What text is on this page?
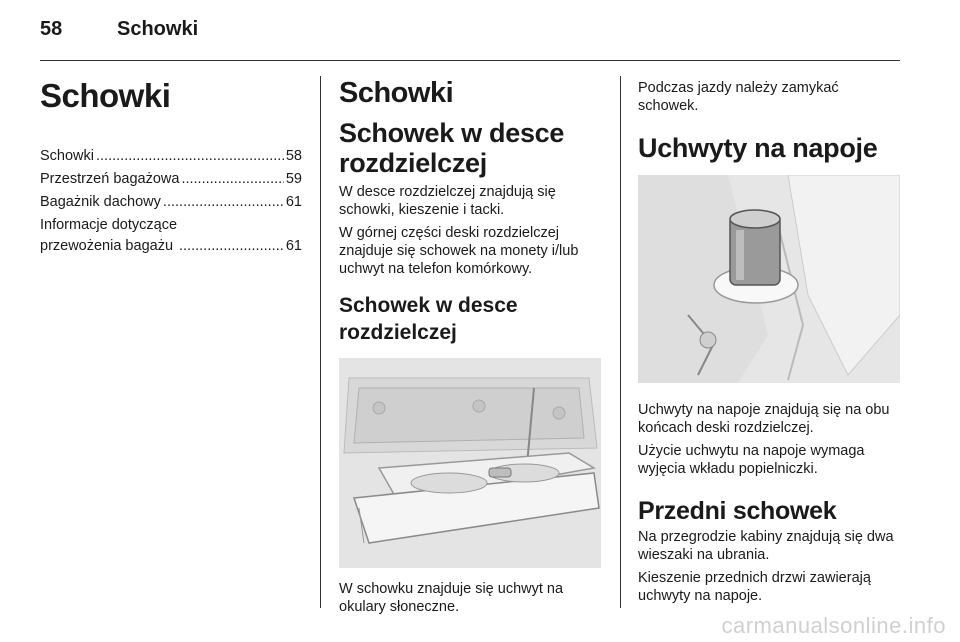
58	Schowki
Schowki
Schowki .....	58
Przestrzeń bagażowa .....	59
Bagażnik dachowy .....	61
Informacje dotyczące
przewożenia bagażu .....	61
Schowki
Schowek w desce rozdzielczej
W desce rozdzielczej znajdują się schowki, kieszenie i tacki.
W górnej części deski rozdzielczej znajduje się schowek na monety i/lub uchwyt na telefon komórkowy.
Schowek w desce rozdzielczej
W schowku znajduje się uchwyt na okulary słoneczne.
Podczas jazdy należy zamykać schowek.
Uchwyty na napoje
Uchwyty na napoje znajdują się na obu końcach deski rozdzielczej.
Użycie uchwytu na napoje wymaga wyjęcia wkładu popielniczki.
Przedni schowek
Na przegrodzie kabiny znajdują się dwa wieszaki na ubrania.
Kieszenie przednich drzwi zawierają uchwyty na napoje.
carmanualsonline.info
